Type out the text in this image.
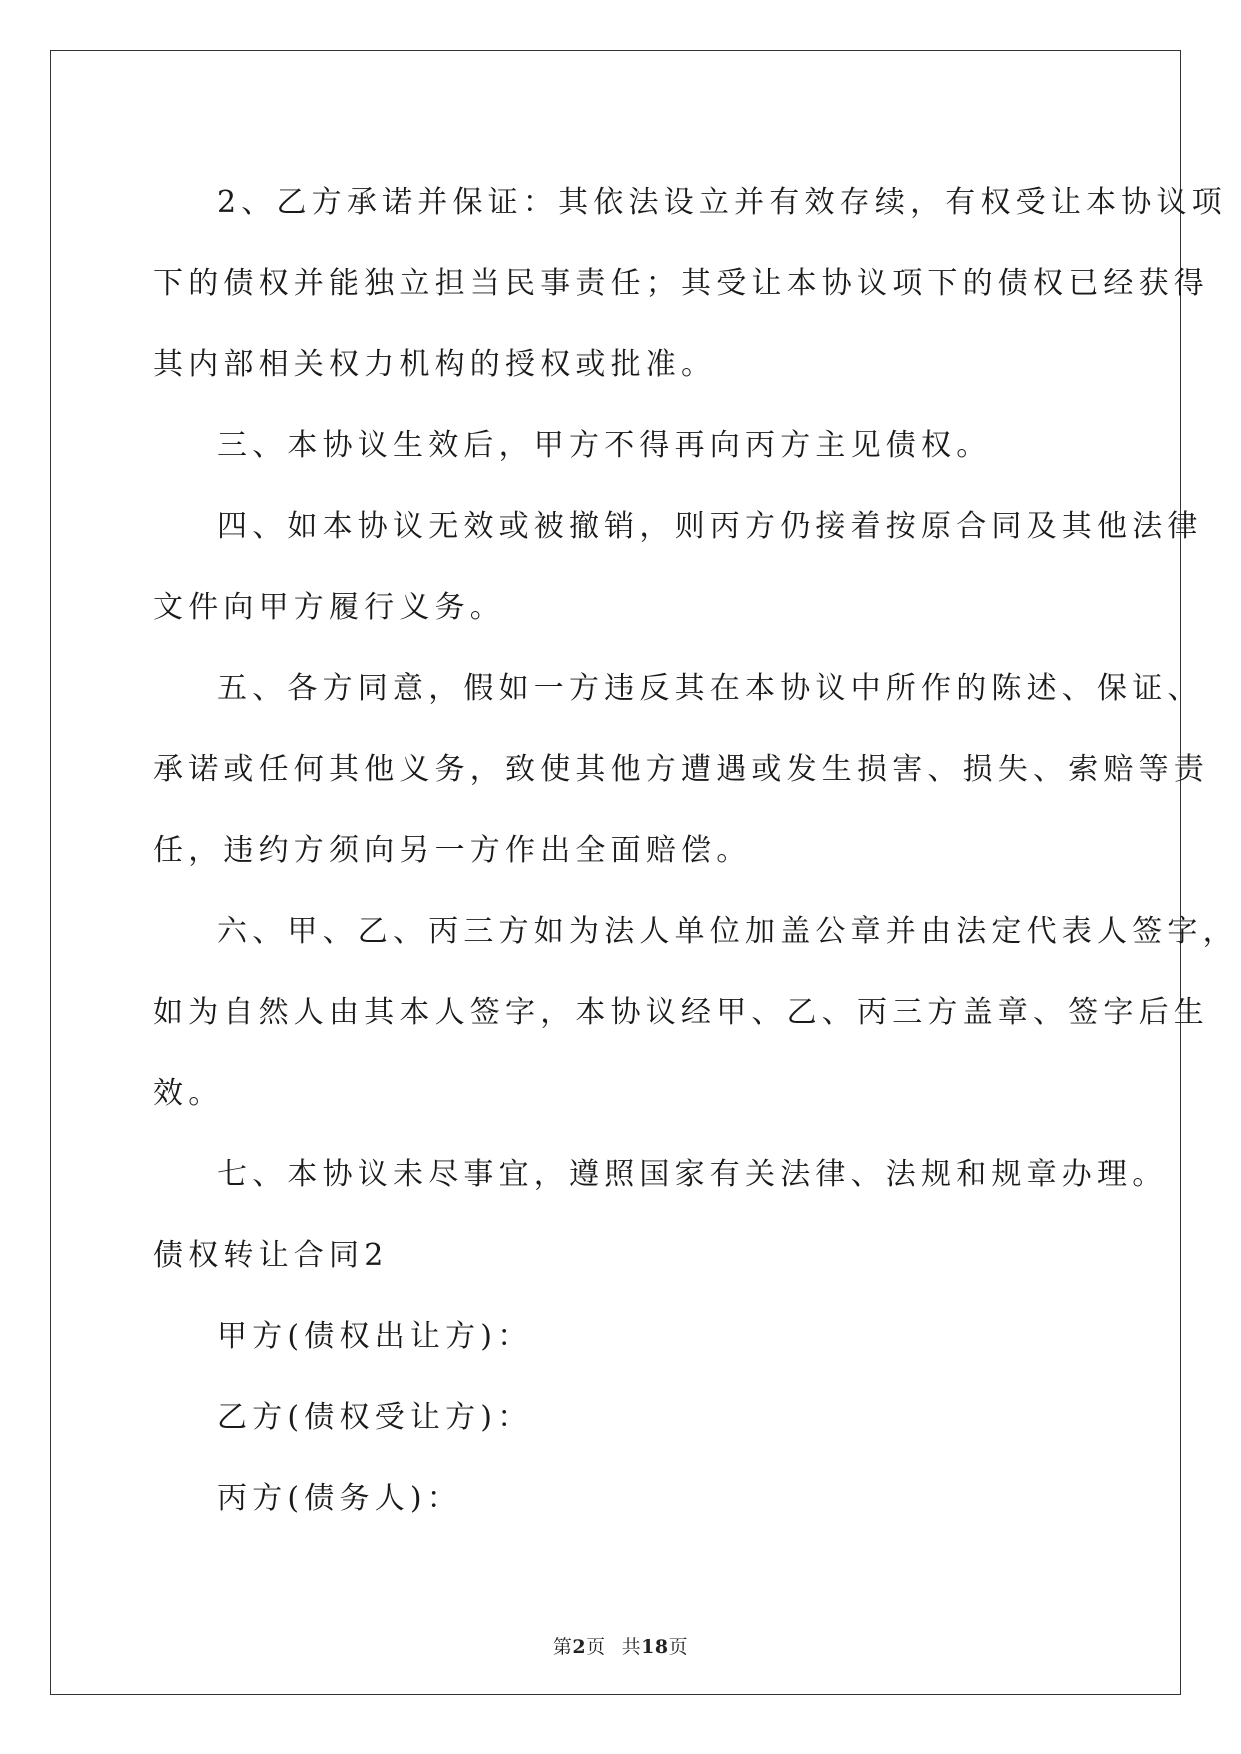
2、乙方承诺并保证：其依法设立并有效存续，有权受让本协议项

下的债权并能独立担当民事责任；其受让本协议项下的债权已经获得

其内部相关权力机构的授权或批准。

三、本协议生效后，甲方不得再向丙方主见债权。

四、如本协议无效或被撤销，则丙方仍接着按原合同及其他法律

文件向甲方履行义务。

五、各方同意，假如一方违反其在本协议中所作的陈述、保证、

承诺或任何其他义务，致使其他方遭遇或发生损害、损失、索赔等责

任，违约方须向另一方作出全面赔偿。

六、甲、乙、丙三方如为法人单位加盖公章并由法定代表人签字，

如为自然人由其本人签字，本协议经甲、乙、丙三方盖章、签字后生

效。

七、本协议未尽事宜，遵照国家有关法律、法规和规章办理。

债权转让合同2

甲方(债权出让方)：

乙方(债权受让方)：

丙方(债务人)：

第2页 共18页
